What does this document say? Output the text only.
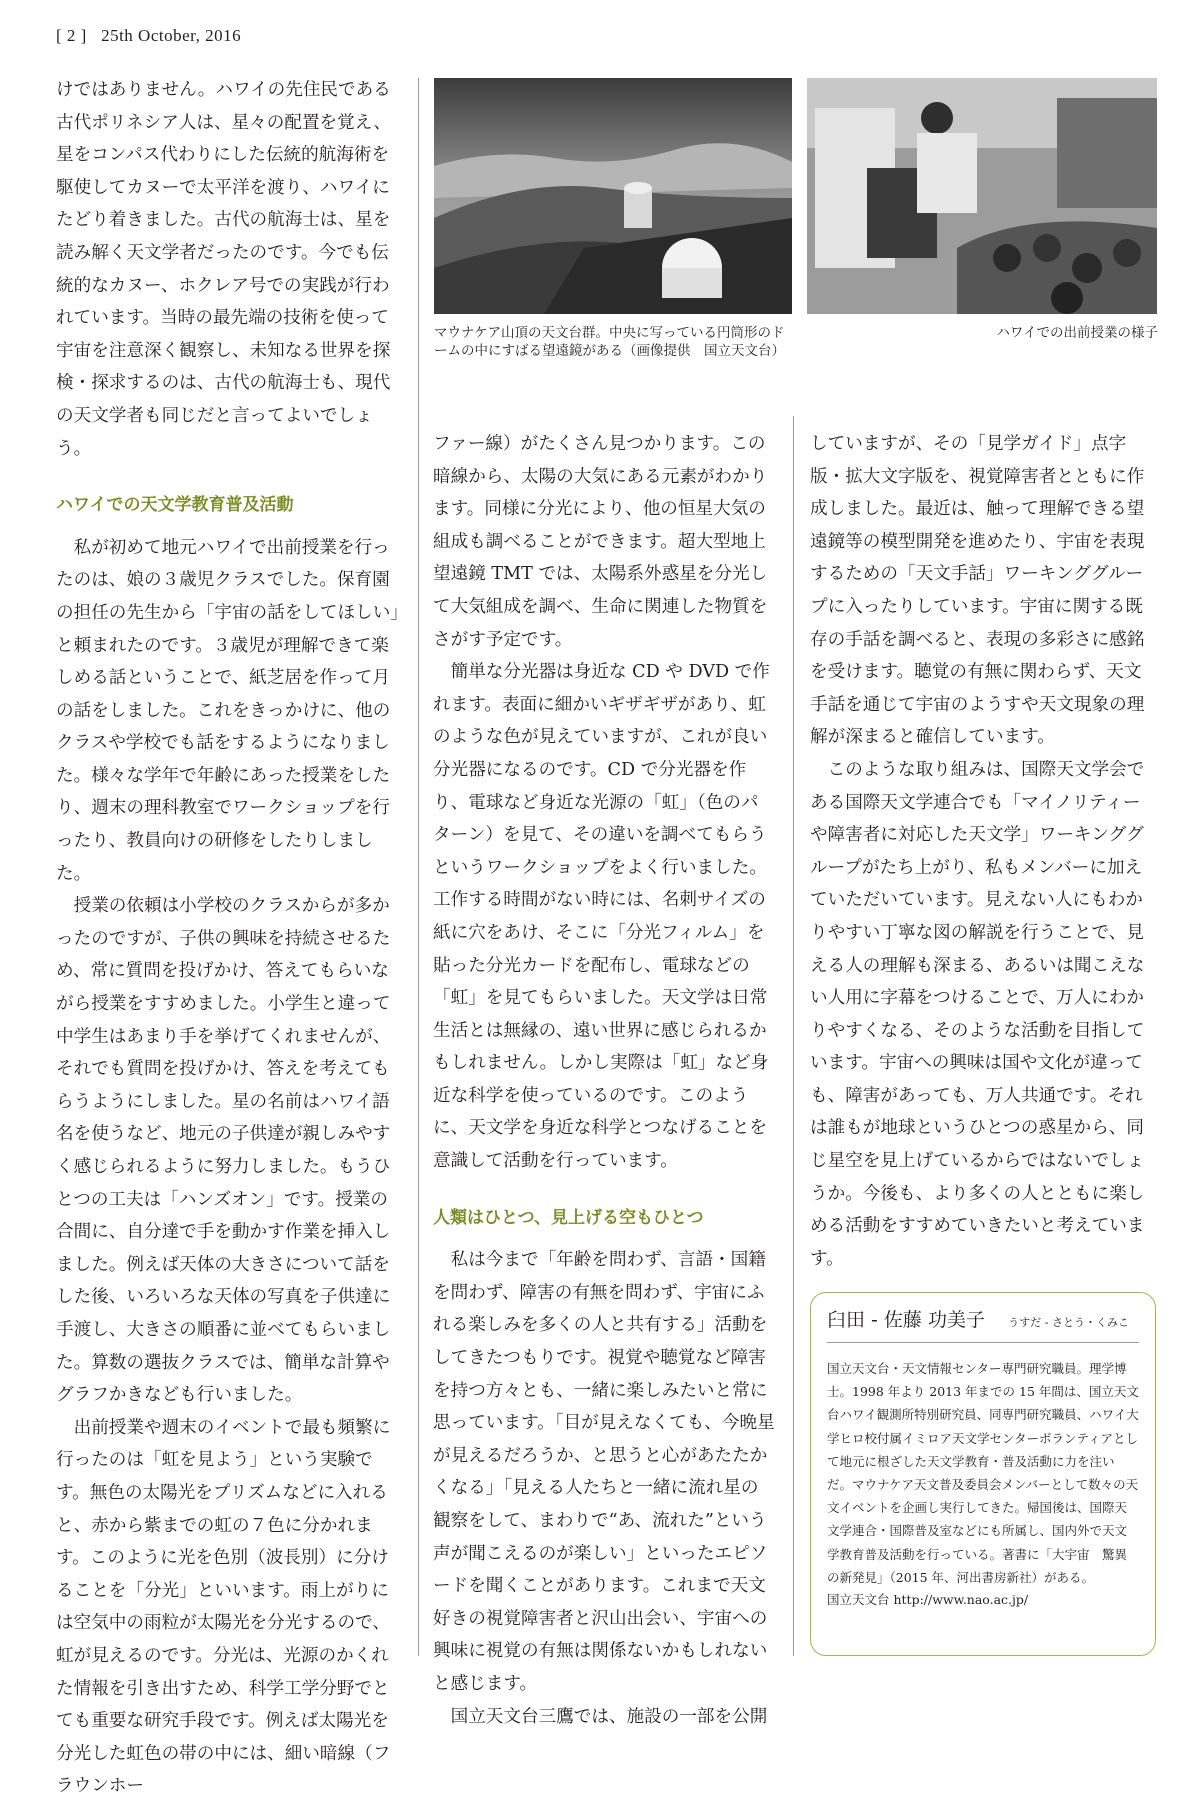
[ 2 ] 25th October, 2016

けではありません。ハワイの先住民である古代ポリネシア人は、星々の配置を覚え、星をコンパス代わりにした伝統的航海術を駆使してカヌーで太平洋を渡り、ハワイにたどり着きました。古代の航海士は、星を読み解く天文学者だったのです。今でも伝統的なカヌー、ホクレア号での実践が行われています。当時の最先端の技術を使って宇宙を注意深く観察し、未知なる世界を探検・探求するのは、古代の航海士も、現代の天文学者も同じだと言ってよいでしょう。

ハワイでの天文学教育普及活動

私が初めて地元ハワイで出前授業を行ったのは、娘の３歳児クラスでした。保育園の担任の先生から「宇宙の話をしてほしい」と頼まれたのです。３歳児が理解できて楽しめる話ということで、紙芝居を作って月の話をしました。これをきっかけに、他のクラスや学校でも話をするようになりました。様々な学年で年齢にあった授業をしたり、週末の理科教室でワークショップを行ったり、教員向けの研修をしたりしました。

授業の依頼は小学校のクラスからが多かったのですが、子供の興味を持続させるため、常に質問を投げかけ、答えてもらいながら授業をすすめました。小学生と違って中学生はあまり手を挙げてくれませんが、それでも質問を投げかけ、答えを考えてもらうようにしました。星の名前はハワイ語名を使うなど、地元の子供達が親しみやすく感じられるように努力しました。もうひとつの工夫は「ハンズオン」です。授業の合間に、自分達で手を動かす作業を挿入しました。例えば天体の大きさについて話をした後、いろいろな天体の写真を子供達に手渡し、大きさの順番に並べてもらいました。算数の選抜クラスでは、簡単な計算やグラフかきなども行いました。

出前授業や週末のイベントで最も頻繁に行ったのは「虹を見よう」という実験です。無色の太陽光をプリズムなどに入れると、赤から紫までの虹の７色に分かれます。このように光を色別（波長別）に分けることを「分光」といいます。雨上がりには空気中の雨粒が太陽光を分光するので、虹が見えるのです。分光は、光源のかくれた情報を引き出すため、科学工学分野でとても重要な研究手段です。例えば太陽光を分光した虹色の帯の中には、細い暗線（フラウンホー

マウナケア山頂の天文台群。中央に写っている円筒形のドームの中にすばる望遠鏡がある（画像提供　国立天文台）
ハワイでの出前授業の様子

ファー線）がたくさん見つかります。この暗線から、太陽の大気にある元素がわかります。同様に分光により、他の恒星大気の組成も調べることができます。超大型地上望遠鏡 TMT では、太陽系外惑星を分光して大気組成を調べ、生命に関連した物質をさがす予定です。

簡単な分光器は身近な CD や DVD で作れます。表面に細かいギザギザがあり、虹のような色が見えていますが、これが良い分光器になるのです。CD で分光器を作り、電球など身近な光源の「虹」（色のパターン）を見て、その違いを調べてもらうというワークショップをよく行いました。工作する時間がない時には、名刺サイズの紙に穴をあけ、そこに「分光フィルム」を貼った分光カードを配布し、電球などの「虹」を見てもらいました。天文学は日常生活とは無縁の、遠い世界に感じられるかもしれません。しかし実際は「虹」など身近な科学を使っているのです。このように、天文学を身近な科学とつなげることを意識して活動を行っています。

人類はひとつ、見上げる空もひとつ

私は今まで「年齢を問わず、言語・国籍を問わず、障害の有無を問わず、宇宙にふれる楽しみを多くの人と共有する」活動をしてきたつもりです。視覚や聴覚など障害を持つ方々とも、一緒に楽しみたいと常に思っています。「目が見えなくても、今晩星が見えるだろうか、と思うと心があたたかくなる」「見える人たちと一緒に流れ星の観察をして、まわりで“あ、流れた”という声が聞こえるのが楽しい」といったエピソードを聞くことがあります。これまで天文好きの視覚障害者と沢山出会い、宇宙への興味に視覚の有無は関係ないかもしれないと感じます。

国立天文台三鷹では、施設の一部を公開

していますが、その「見学ガイド」点字版・拡大文字版を、視覚障害者とともに作成しました。最近は、触って理解できる望遠鏡等の模型開発を進めたり、宇宙を表現するための「天文手話」ワーキンググループに入ったりしています。宇宙に関する既存の手話を調べると、表現の多彩さに感銘を受けます。聴覚の有無に関わらず、天文手話を通じて宇宙のようすや天文現象の理解が深まると確信しています。

このような取り組みは、国際天文学会である国際天文学連合でも「マイノリティーや障害者に対応した天文学」ワーキンググループがたち上がり、私もメンバーに加えていただいています。見えない人にもわかりやすい丁寧な図の解説を行うことで、見える人の理解も深まる、あるいは聞こえない人用に字幕をつけることで、万人にわかりやすくなる、そのような活動を目指しています。宇宙への興味は国や文化が違っても、障害があっても、万人共通です。それは誰もが地球というひとつの惑星から、同じ星空を見上げているからではないでしょうか。今後も、より多くの人とともに楽しめる活動をすすめていきたいと考えています。

臼田 - 佐藤 功美子 うすだ - さとう・くみこ
国立天文台・天文情報センター専門研究職員。理学博士。1998 年より 2013 年までの 15 年間は、国立天文台ハワイ観測所特別研究員、同専門研究職員、ハワイ大学ヒロ校付属イミロア天文学センターボランティアとして地元に根ざした天文学教育・普及活動に力を注いだ。マウナケア天文普及委員会メンバーとして数々の天文イベントを企画し実行してきた。帰国後は、国際天文学連合・国際普及室などにも所属し、国内外で天文学教育普及活動を行っている。著書に「大宇宙　驚異の新発見」（2015 年、河出書房新社）がある。
国立天文台 http://www.nao.ac.jp/
